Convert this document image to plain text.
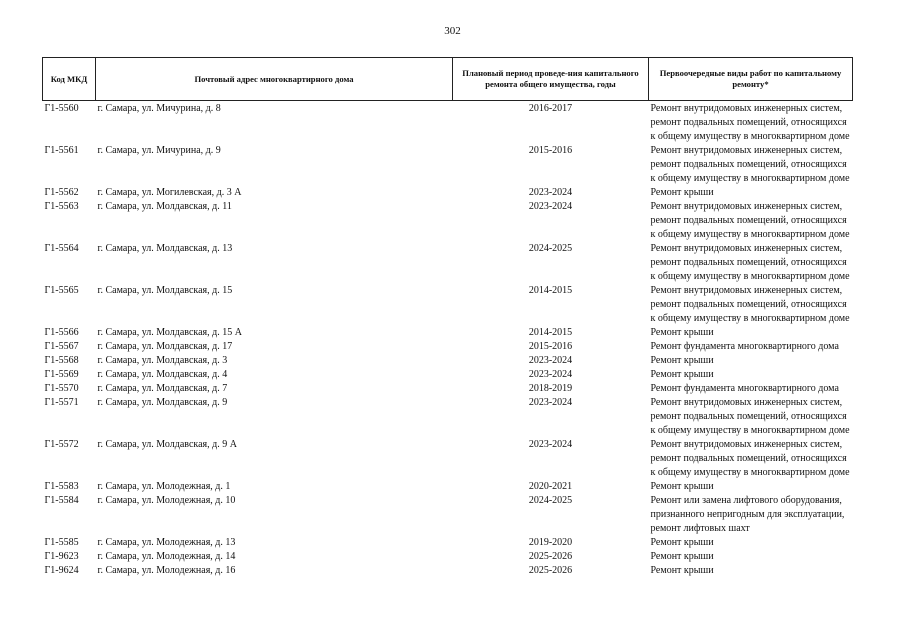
302
Код МКД	Почтовый адрес многоквартирного дома	Плановый период проведе-ния капитального ремонта общего имущества, годы	Первоочередные виды работ по капитальному ремонту*
Г1-5560	г. Самара, ул. Мичурина, д. 8	2016-2017	Ремонт внутридомовых инженерных систем, ремонт подвальных помещений, относящихся к общему имуществу в многоквартирном доме
Г1-5561	г. Самара, ул. Мичурина, д. 9	2015-2016	Ремонт внутридомовых инженерных систем, ремонт подвальных помещений, относящихся к общему имуществу в многоквартирном доме
Г1-5562	г. Самара, ул. Могилевская, д. 3 А	2023-2024	Ремонт крыши
Г1-5563	г. Самара, ул. Молдавская, д. 11	2023-2024	Ремонт внутридомовых инженерных систем, ремонт подвальных помещений, относящихся к общему имуществу в многоквартирном доме
Г1-5564	г. Самара, ул. Молдавская, д. 13	2024-2025	Ремонт внутридомовых инженерных систем, ремонт подвальных помещений, относящихся к общему имуществу в многоквартирном доме
Г1-5565	г. Самара, ул. Молдавская, д. 15	2014-2015	Ремонт внутридомовых инженерных систем, ремонт подвальных помещений, относящихся к общему имуществу в многоквартирном доме
Г1-5566	г. Самара, ул. Молдавская, д. 15 А	2014-2015	Ремонт крыши
Г1-5567	г. Самара, ул. Молдавская, д. 17	2015-2016	Ремонт фундамента многоквартирного дома
Г1-5568	г. Самара, ул. Молдавская, д. 3	2023-2024	Ремонт крыши
Г1-5569	г. Самара, ул. Молдавская, д. 4	2023-2024	Ремонт крыши
Г1-5570	г. Самара, ул. Молдавская, д. 7	2018-2019	Ремонт фундамента многоквартирного дома
Г1-5571	г. Самара, ул. Молдавская, д. 9	2023-2024	Ремонт внутридомовых инженерных систем, ремонт подвальных помещений, относящихся к общему имуществу в многоквартирном доме
Г1-5572	г. Самара, ул. Молдавская, д. 9 А	2023-2024	Ремонт внутридомовых инженерных систем, ремонт подвальных помещений, относящихся к общему имуществу в многоквартирном доме
Г1-5583	г. Самара, ул. Молодежная, д. 1	2020-2021	Ремонт крыши
Г1-5584	г. Самара, ул. Молодежная, д. 10	2024-2025	Ремонт или замена лифтового оборудования, признанного непригодным для эксплуатации, ремонт лифтовых шахт
Г1-5585	г. Самара, ул. Молодежная, д. 13	2019-2020	Ремонт крыши
Г1-9623	г. Самара, ул. Молодежная, д. 14	2025-2026	Ремонт крыши
Г1-9624	г. Самара, ул. Молодежная, д. 16	2025-2026	Ремонт крыши
